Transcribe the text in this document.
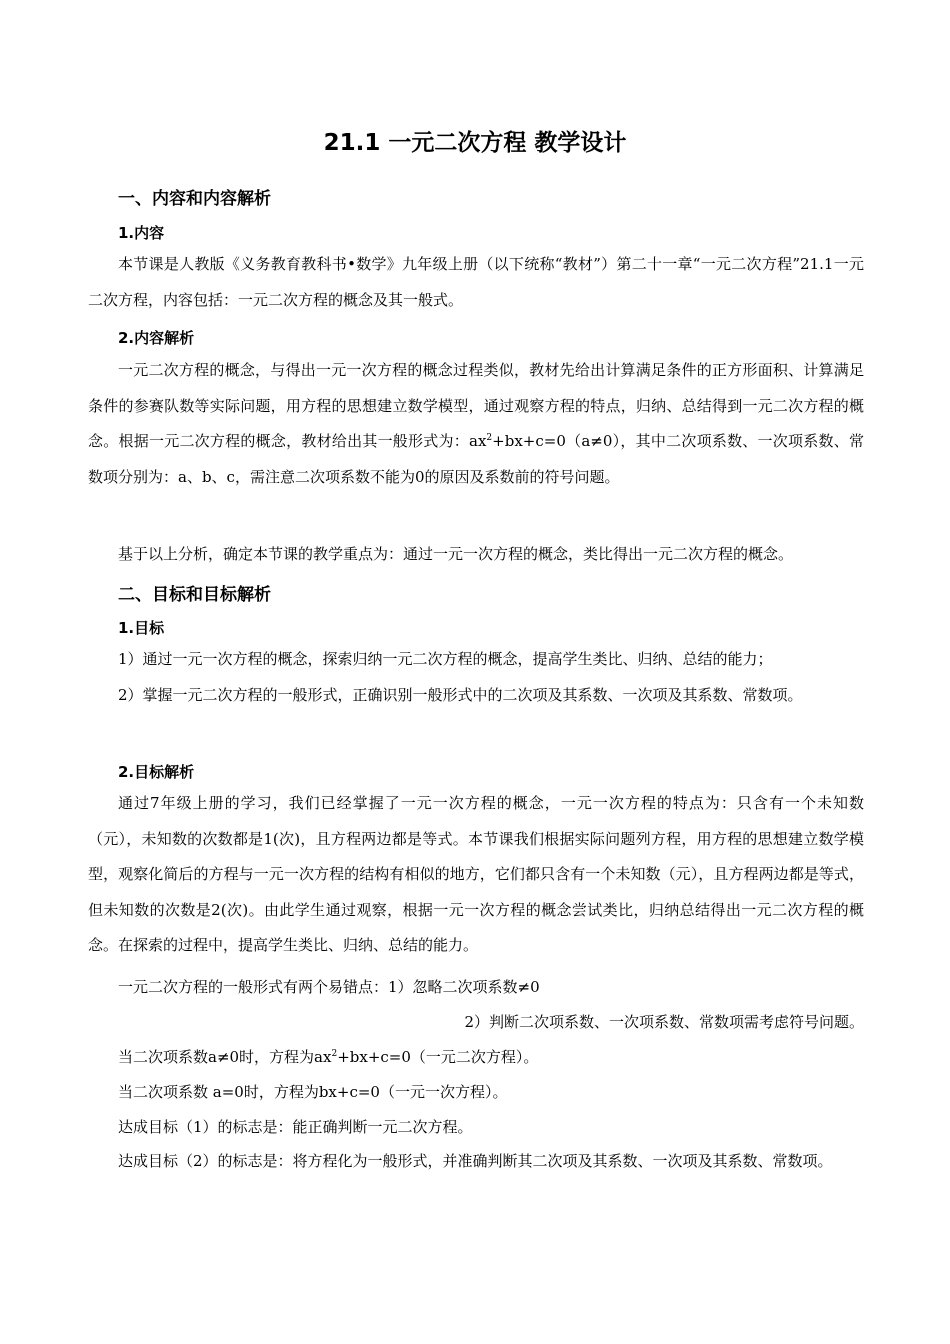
21.1 一元二次方程 教学设计
一、内容和内容解析
1.内容
本节课是人教版《义务教育教科书•数学》九年级上册（以下统称“教材”）第二十一章“一元二次方程”21.1一元二次方程，内容包括：一元二次方程的概念及其一般式。
2.内容解析
一元二次方程的概念，与得出一元一次方程的概念过程类似，教材先给出计算满足条件的正方形面积、计算满足条件的参赛队数等实际问题，用方程的思想建立数学模型，通过观察方程的特点，归纳、总结得到一元二次方程的概念。根据一元二次方程的概念，教材给出其一般形式为：$ax^2+bx+c=0(a\ne 0)$，其中二次项系数、一次项系数、常数项分别为：a、b、c，需注意二次项系数不能为0的原因及系数前的符号问题。
基于以上分析，确定本节课的教学重点为：通过一元一次方程的概念，类比得出一元二次方程的概念。
二、目标和目标解析
1.目标
1）通过一元一次方程的概念，探索归纳一元二次方程的概念，提高学生类比、归纳、总结的能力；
2）掌握一元二次方程的一般形式，正确识别一般形式中的二次项及其系数、一次项及其系数、常数项。
2.目标解析
通过7年级上册的学习，我们已经掌握了一元一次方程的概念，一元一次方程的特点为：只含有一个未知数（元），未知数的次数都是1(次)，且方程两边都是等式。本节课我们根据实际问题列方程，用方程的思想建立数学模型，观察化简后的方程与一元一次方程的结构有相似的地方，它们都只含有一个未知数（元），且方程两边都是等式，但未知数的次数是2(次)。由此学生通过观察，根据一元一次方程的概念尝试类比，归纳总结得出一元二次方程的概念。在探索的过程中，提高学生类比、归纳、总结的能力。
一元二次方程的一般形式有两个易错点：1）忽略二次项系数≠0
2）判断二次项系数、一次项系数、常数项需考虑符号问题。
当二次项系数a≠0时，方程为$ax^2+bx+c=0$（一元二次方程）。
当二次项系数 a=0时，方程为bx+c=0（一元一次方程）。
达成目标（1）的标志是：能正确判断一元二次方程。
达成目标（2）的标志是：将方程化为一般形式，并准确判断其二次项及其系数、一次项及其系数、常数项。
